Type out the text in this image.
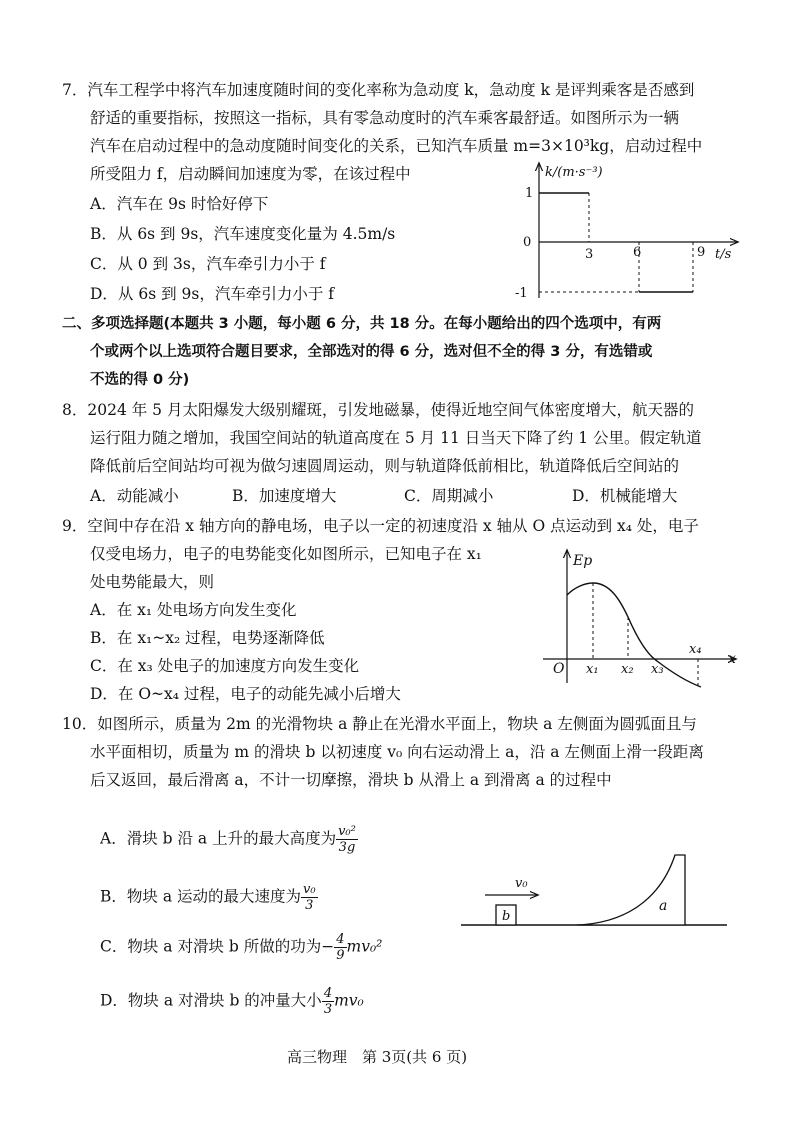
7．汽车工程学中将汽车加速度随时间的变化率称为急动度 k，急动度 k 是评判乘客是否感到
舒适的重要指标，按照这一指标，具有零急动度时的汽车乘客最舒适。如图所示为一辆
汽车在启动过程中的急动度随时间变化的关系，已知汽车质量 m=3×10³kg，启动过程中
所受阻力 f，启动瞬间加速度为零，在该过程中
A．汽车在 9s 时恰好停下
B．从 6s 到 9s，汽车速度变化量为 4.5m/s
C．从 0 到 3s，汽车牵引力小于 f
D．从 6s 到 9s，汽车牵引力小于 f
k/(m·s⁻³)
1
0
-1
3	6	9 t/s
二、多项选择题(本题共 3 小题，每小题 6 分，共 18 分。在每小题给出的四个选项中，有两
个或两个以上选项符合题目要求，全部选对的得 6 分，选对但不全的得 3 分，有选错或
不选的得 0 分)
8．2024 年 5 月太阳爆发大级别耀斑，引发地磁暴，使得近地空间气体密度增大，航天器的
运行阻力随之增加，我国空间站的轨道高度在 5 月 11 日当天下降了约 1 公里。假定轨道
降低前后空间站均可视为做匀速圆周运动，则与轨道降低前相比，轨道降低后空间站的
A．动能减小	B．加速度增大	C．周期减小	D．机械能增大
9．空间中存在沿 x 轴方向的静电场，电子以一定的初速度沿 x 轴从 O 点运动到 x₄ 处，电子
仅受电场力，电子的电势能变化如图所示，已知电子在 x₁
处电势能最大，则
A．在 x₁ 处电场方向发生变化
B．在 x₁~x₂ 过程，电势逐渐降低
C．在 x₃ 处电子的加速度方向发生变化
D．在 O~x₄ 过程，电子的动能先减小后增大
Ep
O x₁ x₂ x₃
x₄
x
10．如图所示，质量为 2m 的光滑物块 a 静止在光滑水平面上，物块 a 左侧面为圆弧面且与
水平面相切，质量为 m 的滑块 b 以初速度 v₀ 向右运动滑上 a，沿 a 左侧面上滑一段距离
后又返回，最后滑离 a，不计一切摩擦，滑块 b 从滑上 a 到滑离 a 的过程中
A．滑块 b 沿 a 上升的最大高度为 $\frac{\text{v₀²}}{3g}$
B．物块 a 运动的最大速度为 $\frac{\text{v₀}}{3}$
C．物块 a 对滑块 b 所做的功为− $\frac{4}{9} mv_0^2$
D．物块 a 对滑块 b 的冲量大小 $\frac{4}{3} mv_0$
b
v₀
a
高三物理　第 3页(共 6 页)
